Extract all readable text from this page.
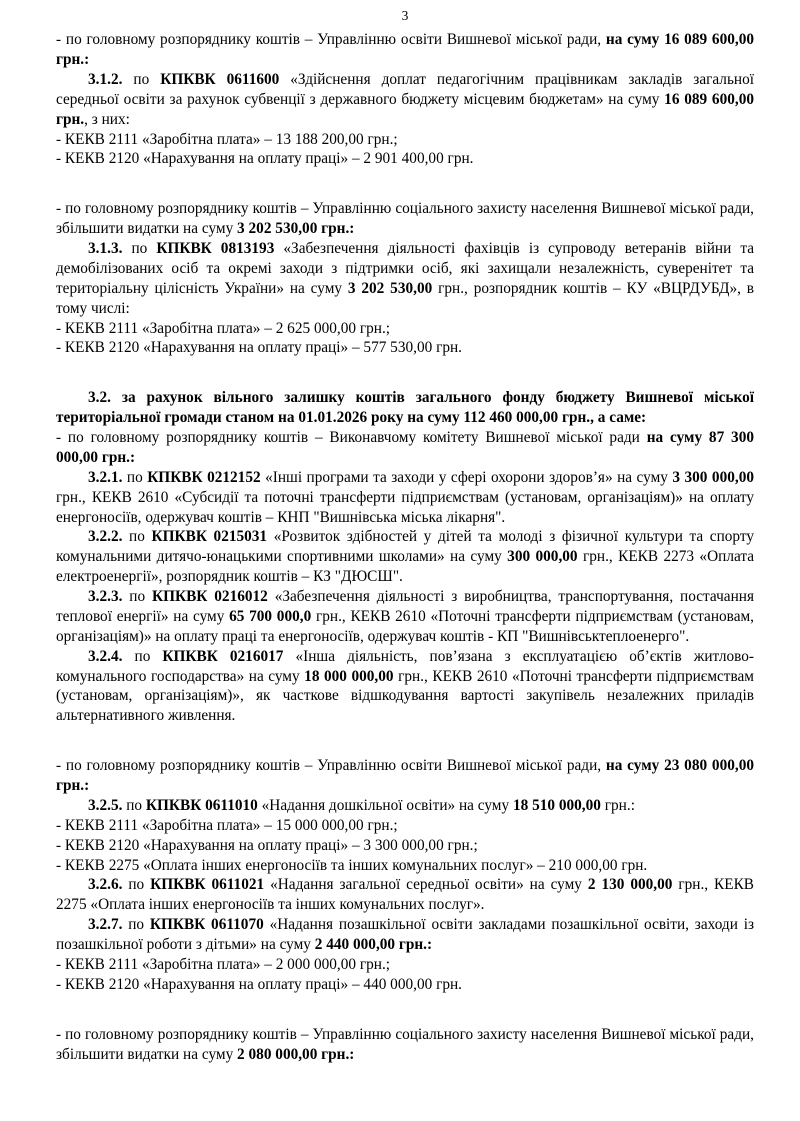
3

- по головному розпоряднику коштів – Управлінню освіти Вишневої міської ради, на суму 16 089 600,00 грн.:

3.1.2. по КПКВК 0611600 «Здійснення доплат педагогічним працівникам закладів загальної середньої освіти за рахунок субвенції з державного бюджету місцевим бюджетам» на суму 16 089 600,00 грн., з них:

- КЕКВ 2111 «Заробітна плата» – 13 188 200,00 грн.;

- КЕКВ 2120 «Нарахування на оплату праці» – 2 901 400,00 грн.

- по головному розпоряднику коштів – Управлінню соціального захисту населення Вишневої міської ради, збільшити видатки на суму 3 202 530,00 грн.:

3.1.3. по КПКВК 0813193 «Забезпечення діяльності фахівців із супроводу ветеранів війни та демобілізованих осіб та окремі заходи з підтримки осіб, які захищали незалежність, суверенітет та територіальну цілісність України» на суму 3 202 530,00 грн., розпорядник коштів – КУ «ВЦРДУБД», в тому числі:

- КЕКВ 2111 «Заробітна плата» – 2 625 000,00 грн.;

- КЕКВ 2120 «Нарахування на оплату праці» – 577 530,00 грн.

3.2. за рахунок вільного залишку коштів загального фонду бюджету Вишневої міської територіальної громади станом на 01.01.2026 року на суму 112 460 000,00 грн., а саме:

- по головному розпоряднику коштів – Виконавчому комітету Вишневої міської ради на суму 87 300 000,00 грн.:

3.2.1. по КПКВК 0212152 «Інші програми та заходи у сфері охорони здоров’я» на суму 3 300 000,00 грн., КЕКВ 2610 «Субсидії та поточні трансферти підприємствам (установам, організаціям)» на оплату енергоносіїв, одержувач коштів – КНП "Вишнівська міська лікарня".

3.2.2. по КПКВК 0215031 «Розвиток здібностей у дітей та молоді з фізичної культури та спорту комунальними дитячо-юнацькими спортивними школами» на суму 300 000,00 грн., КЕКВ 2273 «Оплата електроенергії», розпорядник коштів – КЗ "ДЮСШ".

3.2.3. по КПКВК 0216012 «Забезпечення діяльності з виробництва, транспортування, постачання теплової енергії» на суму 65 700 000,0 грн., КЕКВ 2610 «Поточні трансферти підприємствам (установам, організаціям)» на оплату праці та енергоносіїв, одержувач коштів - КП "Вишнівськтеплоенерго".

3.2.4. по КПКВК 0216017 «Інша діяльність, пов’язана з експлуатацією об’єктів житлово-комунального господарства» на суму 18 000 000,00 грн., КЕКВ 2610 «Поточні трансферти підприємствам (установам, організаціям)», як часткове відшкодування вартості закупівель незалежних приладів альтернативного живлення.

- по головному розпоряднику коштів – Управлінню освіти Вишневої міської ради, на суму 23 080 000,00 грн.:

3.2.5. по КПКВК 0611010 «Надання дошкільної освіти» на суму 18 510 000,00 грн.:

- КЕКВ 2111 «Заробітна плата» – 15 000 000,00 грн.;

- КЕКВ 2120 «Нарахування на оплату праці» – 3 300 000,00 грн.;

- КЕКВ 2275 «Оплата інших енергоносіїв та інших комунальних послуг» – 210 000,00 грн.

3.2.6. по КПКВК 0611021 «Надання загальної середньої освіти» на суму 2 130 000,00 грн., КЕКВ 2275 «Оплата інших енергоносіїв та інших комунальних послуг».

3.2.7. по КПКВК 0611070 «Надання позашкільної освіти закладами позашкільної освіти, заходи із позашкільної роботи з дітьми» на суму 2 440 000,00 грн.:

- КЕКВ 2111 «Заробітна плата» – 2 000 000,00 грн.;

- КЕКВ 2120 «Нарахування на оплату праці» – 440 000,00 грн.

- по головному розпоряднику коштів – Управлінню соціального захисту населення Вишневої міської ради, збільшити видатки на суму 2 080 000,00 грн.:
